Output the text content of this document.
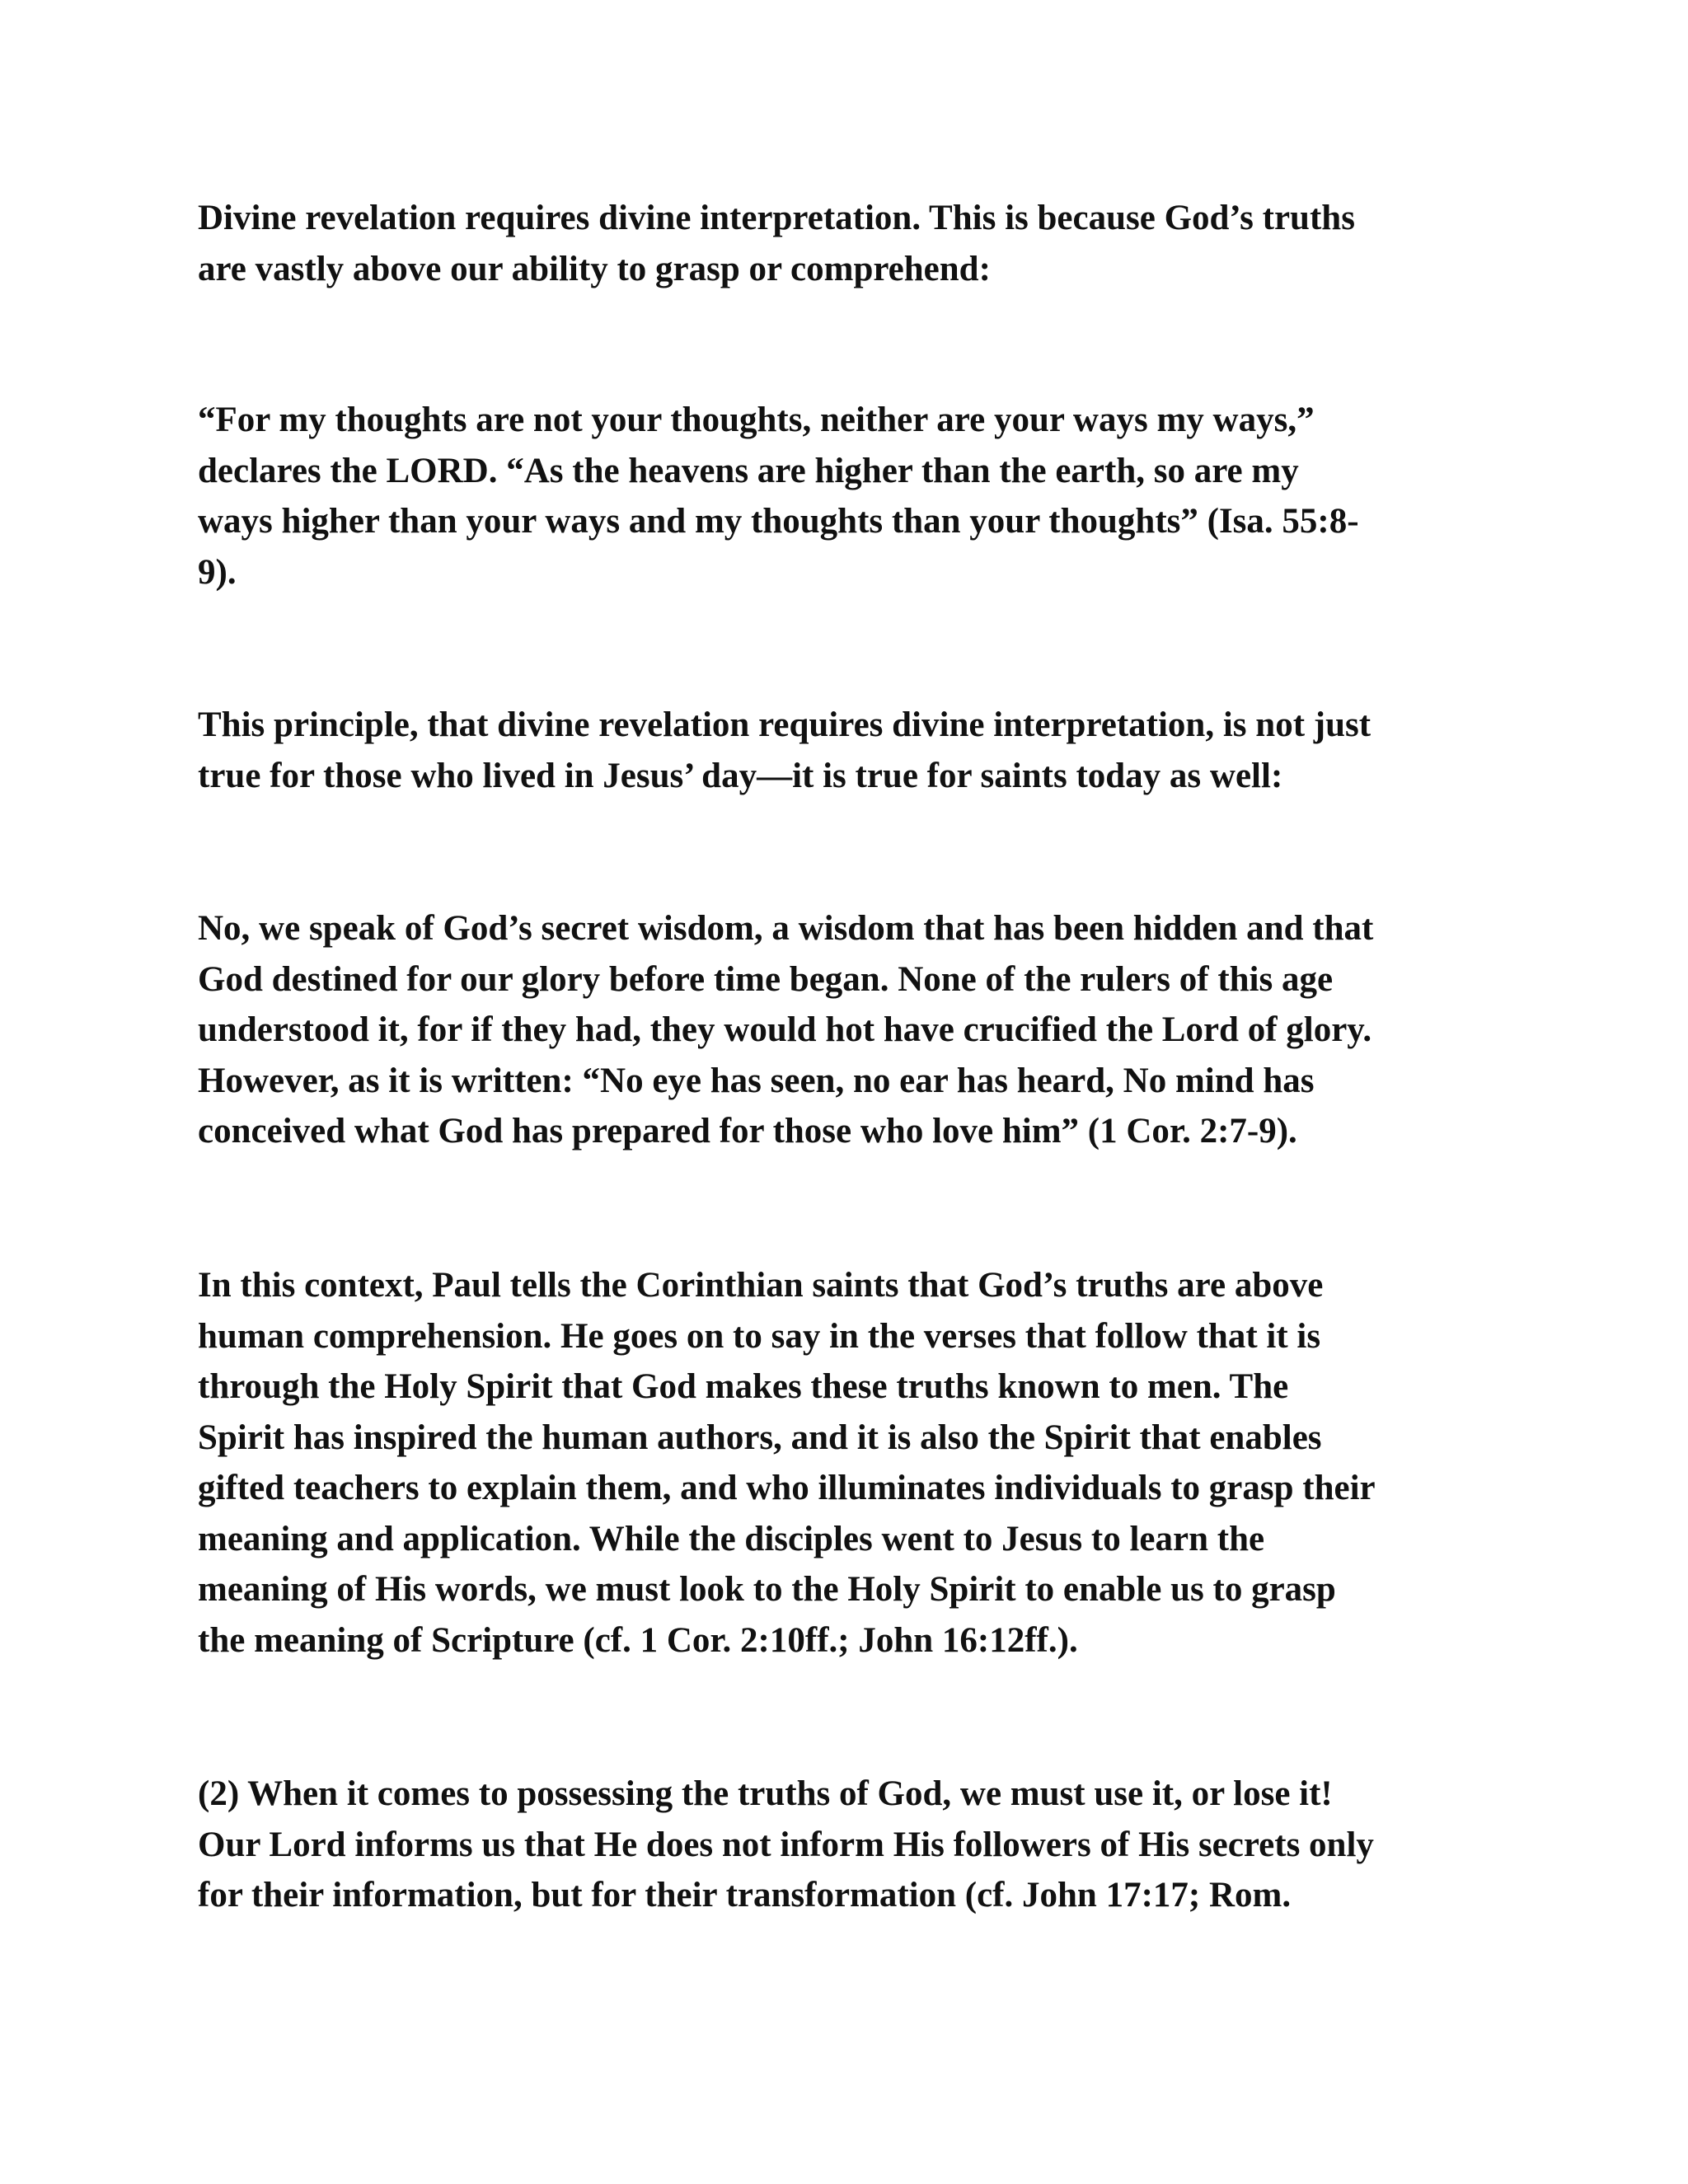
Divine revelation requires divine interpretation. This is because God’s truths
are vastly above our ability to grasp or comprehend:

“For my thoughts are not your thoughts, neither are your ways my ways,”
declares the LORD. “As the heavens are higher than the earth, so are my
ways higher than your ways and my thoughts than your thoughts” (Isa. 55:8-
9).

This principle, that divine revelation requires divine interpretation, is not just
true for those who lived in Jesus’ day—it is true for saints today as well:

No, we speak of God’s secret wisdom, a wisdom that has been hidden and that
God destined for our glory before time began. None of the rulers of this age
understood it, for if they had, they would hot have crucified the Lord of glory.
However, as it is written: “No eye has seen, no ear has heard, No mind has
conceived what God has prepared for those who love him” (1 Cor. 2:7-9).

In this context, Paul tells the Corinthian saints that God’s truths are above
human comprehension. He goes on to say in the verses that follow that it is
through the Holy Spirit that God makes these truths known to men. The
Spirit has inspired the human authors, and it is also the Spirit that enables
gifted teachers to explain them, and who illuminates individuals to grasp their
meaning and application. While the disciples went to Jesus to learn the
meaning of His words, we must look to the Holy Spirit to enable us to grasp
the meaning of Scripture (cf. 1 Cor. 2:10ff.; John 16:12ff.).

(2) When it comes to possessing the truths of God, we must use it, or lose it!
Our Lord informs us that He does not inform His followers of His secrets only
for their information, but for their transformation (cf. John 17:17; Rom.
